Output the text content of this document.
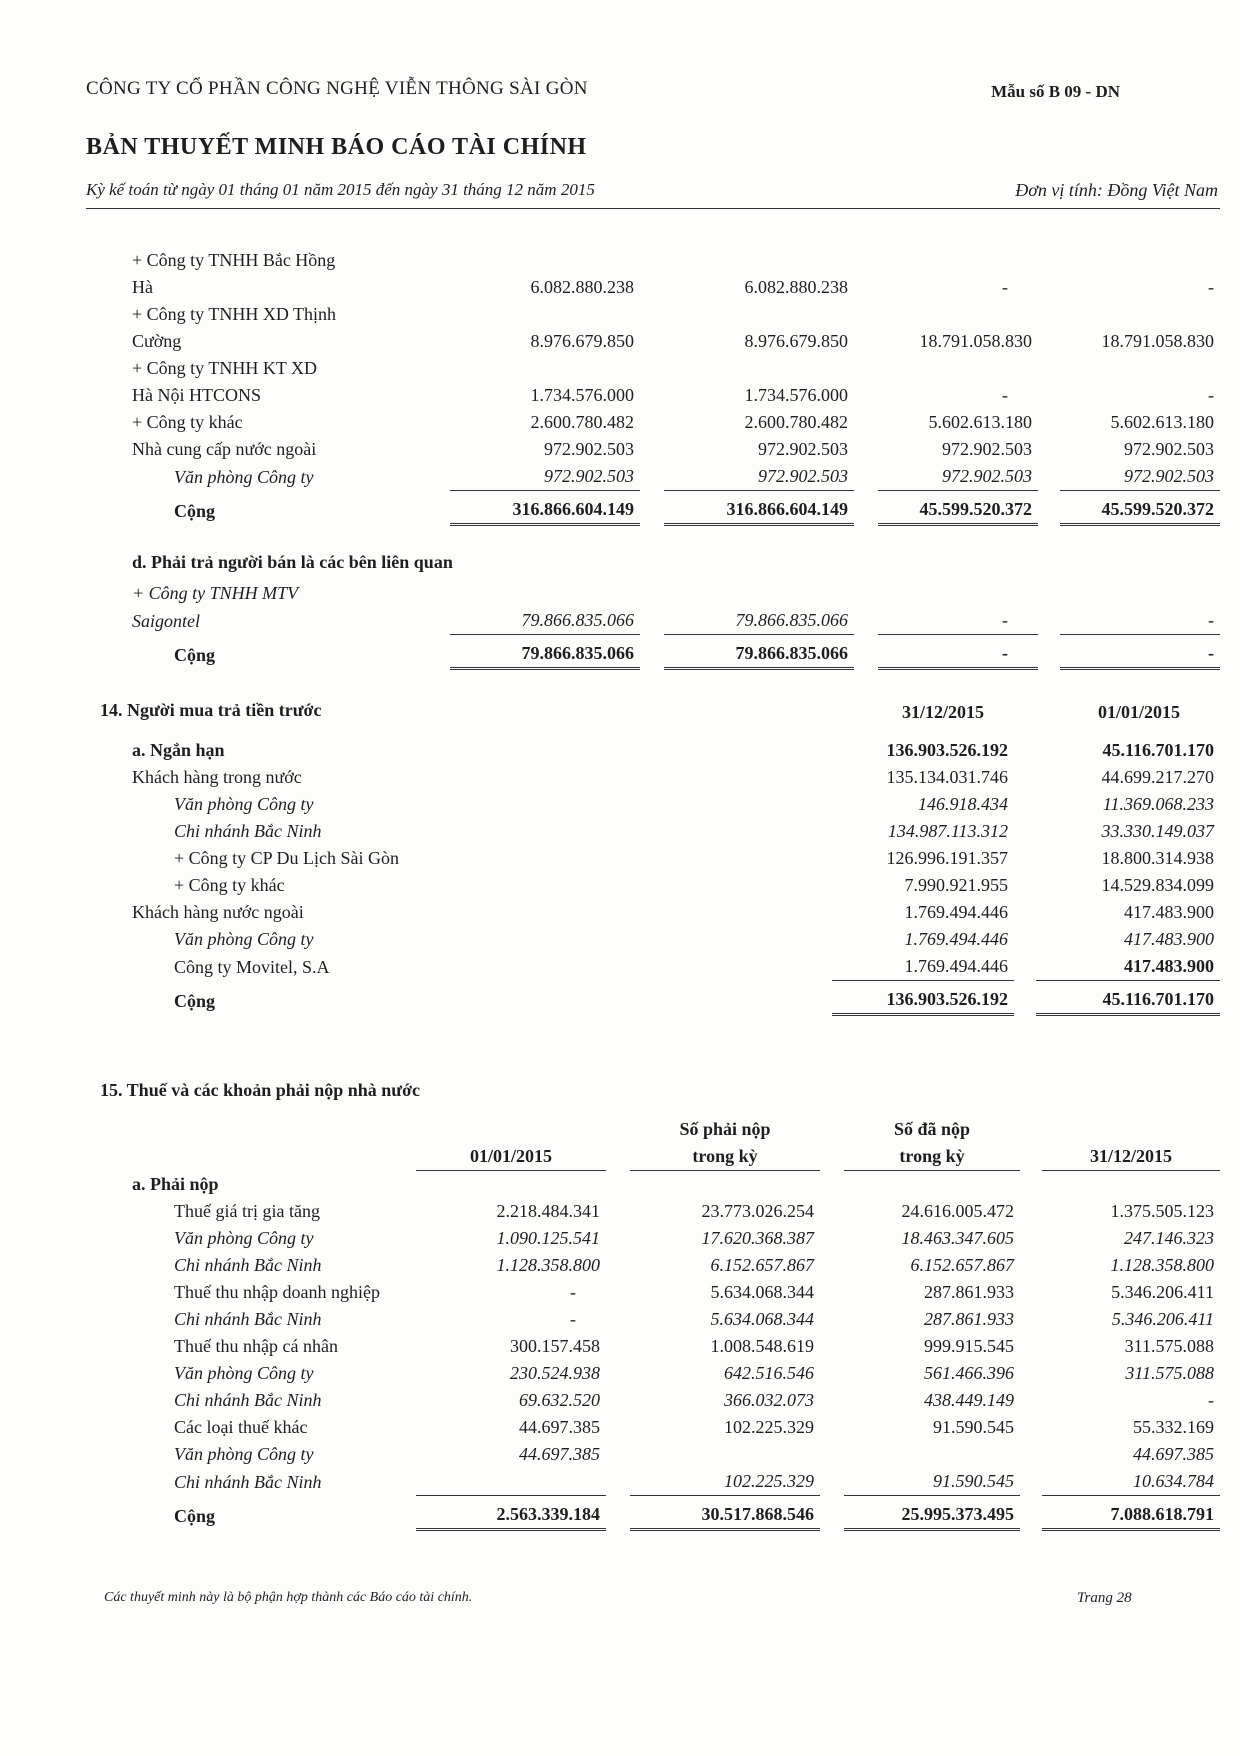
CÔNG TY CỔ PHẦN CÔNG NGHỆ VIỄN THÔNG SÀI GÒN	Mẫu số B 09 - DN
BẢN THUYẾT MINH BÁO CÁO TÀI CHÍNH
Kỳ kế toán từ ngày 01 tháng 01 năm 2015 đến ngày 31 tháng 12 năm 2015	Đơn vị tính: Đồng Việt Nam
+ Công ty TNHH Bắc Hồng								
Hà		6.082.880.238		6.082.880.238		-		-
+ Công ty TNHH XD Thịnh								
Cường		8.976.679.850		8.976.679.850		18.791.058.830		18.791.058.830
+ Công ty TNHH KT XD								
Hà Nội HTCONS		1.734.576.000		1.734.576.000		-		-
+ Công ty khác		2.600.780.482		2.600.780.482		5.602.613.180		5.602.613.180
Nhà cung cấp nước ngoài		972.902.503		972.902.503		972.902.503		972.902.503
Văn phòng Công ty		972.902.503		972.902.503		972.902.503		972.902.503
Cộng		316.866.604.149		316.866.604.149		45.599.520.372		45.599.520.372
d. Phải trả người bán là các bên liên quan
+ Công ty TNHH MTV								
Saigontel		79.866.835.066		79.866.835.066		-		-
Cộng		79.866.835.066		79.866.835.066		-		-
14. Người mua trả tiền trước	31/12/2015	01/01/2015
a. Ngắn hạn	136.903.526.192		45.116.701.170
Khách hàng trong nước	135.134.031.746		44.699.217.270
Văn phòng Công ty	146.918.434		11.369.068.233
Chi nhánh Bắc Ninh	134.987.113.312		33.330.149.037
+ Công ty CP Du Lịch Sài Gòn	126.996.191.357		18.800.314.938
+ Công ty khác	7.990.921.955		14.529.834.099
Khách hàng nước ngoài	1.769.494.446		417.483.900
Văn phòng Công ty	1.769.494.446		417.483.900
Công ty Movitel, S.A	1.769.494.446		417.483.900
Cộng	136.903.526.192		45.116.701.170
15. Thuế và các khoản phải nộp nhà nước
			Số phải nộp		Số đã nộp		
	01/01/2015		trong kỳ		trong kỳ		31/12/2015
a. Phải nộp							
Thuế giá trị gia tăng	2.218.484.341		23.773.026.254		24.616.005.472		1.375.505.123
Văn phòng Công ty	1.090.125.541		17.620.368.387		18.463.347.605		247.146.323
Chi nhánh Bắc Ninh	1.128.358.800		6.152.657.867		6.152.657.867		1.128.358.800
Thuế thu nhập doanh nghiệp	-		5.634.068.344		287.861.933		5.346.206.411
Chi nhánh Bắc Ninh	-		5.634.068.344		287.861.933		5.346.206.411
Thuế thu nhập cá nhân	300.157.458		1.008.548.619		999.915.545		311.575.088
Văn phòng Công ty	230.524.938		642.516.546		561.466.396		311.575.088
Chi nhánh Bắc Ninh	69.632.520		366.032.073		438.449.149		-
Các loại thuế khác	44.697.385		102.225.329		91.590.545		55.332.169
Văn phòng Công ty	44.697.385						44.697.385
Chi nhánh Bắc Ninh			102.225.329		91.590.545		10.634.784
Cộng	2.563.339.184		30.517.868.546		25.995.373.495		7.088.618.791
Các thuyết minh này là bộ phận hợp thành các Báo cáo tài chính.	Trang 28
